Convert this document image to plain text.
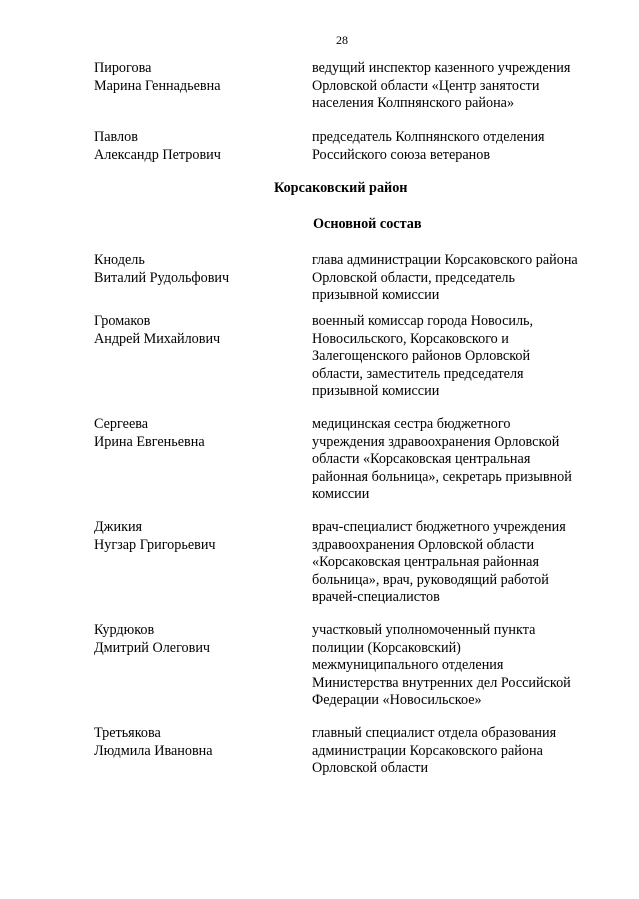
28
Пирогова
Марина Геннадьевна
ведущий инспектор казенного учреждения
Орловской области «Центр занятости
населения Колпнянского района»
Павлов
Александр Петрович
председатель Колпнянского отделения
Российского союза ветеранов
Корсаковский район
Основной состав
Кнодель
Виталий Рудольфович
глава администрации Корсаковского района
Орловской области, председатель
призывной комиссии
Громаков
Андрей Михайлович
военный комиссар города Новосиль,
Новосильского, Корсаковского и
Залегощенского районов Орловской
области, заместитель председателя
призывной комиссии
Сергеева
Ирина Евгеньевна
медицинская сестра бюджетного
учреждения здравоохранения Орловской
области «Корсаковская центральная
районная больница», секретарь призывной
комиссии
Джикия
Нугзар Григорьевич
врач-специалист бюджетного учреждения
здравоохранения Орловской области
«Корсаковская центральная районная
больница», врач, руководящий работой
врачей-специалистов
Курдюков
Дмитрий Олегович
участковый уполномоченный пункта
полиции (Корсаковский)
межмуниципального отделения
Министерства внутренних дел Российской
Федерации «Новосильское»
Третьякова
Людмила Ивановна
главный специалист отдела образования
администрации Корсаковского района
Орловской области
